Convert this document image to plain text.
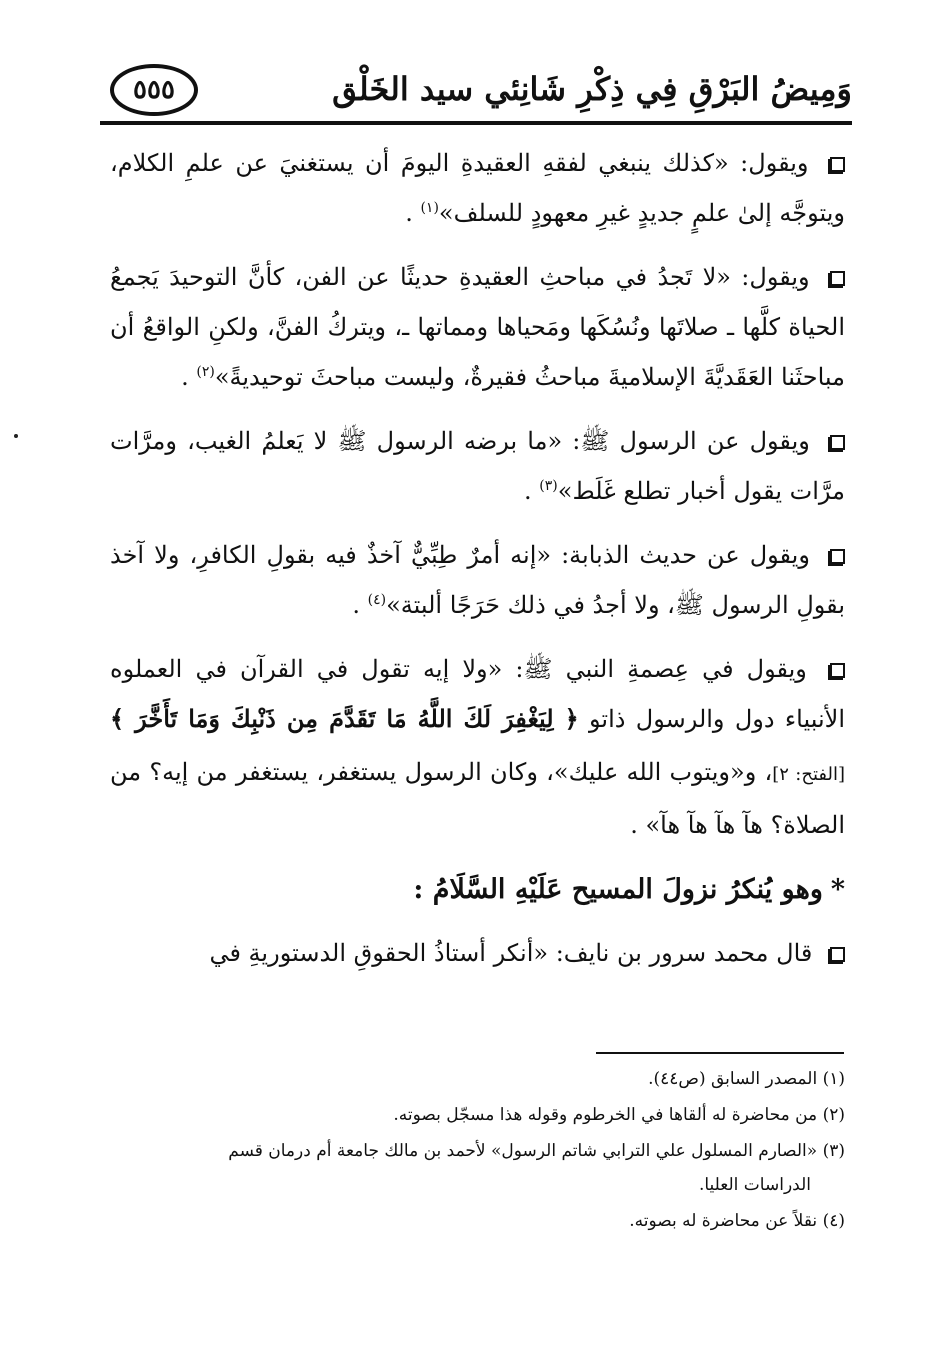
٥٥٥	وَمِيضُ البَرْقِ فِي ذِكْرِ شَانِئي سيد الخَلْق

ويقول: «كذلك ينبغي لفقهِ العقيدةِ اليومَ أن يستغنيَ عن علمِ الكلام، ويتوجَّه إلىٰ علمٍ جديدٍ غيرِ معهودٍ للسلف»$^{(١)}$ .

ويقول: «لا تَجدُ في مباحثِ العقيدةِ حديثًا عن الفن، كأنَّ التوحيدَ يَجمعُ الحياة كلَّها ـ صلاتَها ونُسُكَها ومَحياها ومماتها ـ، ويتركُ الفنَّ، ولكنِ الواقعُ أن مباحثَنا العَقَديَّةَ الإسلاميةَ مباحثُ فقيرةٌ، وليست مباحثَ توحيديةً»$^{(٢)}$ .

ويقول عن الرسول ﷺ: «ما برضه الرسول ﷺ لا يَعلمُ الغيب، ومرَّات مرَّات يقول أخبار تطلع غَلَط»$^{(٣)}$ .

ويقول عن حديث الذبابة: «إنه أمرٌ طِبِّيٌّ آخذٌ فيه بقولِ الكافرِ، ولا آخذ بقولِ الرسول ﷺ، ولا أجدُ في ذلك حَرَجًا ألبتة»$^{(٤)}$ .

ويقول في عِصمةِ النبي ﷺ: «ولا إيه تقول في القرآن في العملوه الأنبياء دول والرسول ذاتو ﴿ لِيَغْفِرَ لَكَ اللَّهُ مَا تَقَدَّمَ مِن ذَنْبِكَ وَمَا تَأَخَّرَ ﴾ [الفتح: ٢]، و«ويتوب الله عليك»، وكان الرسول يستغفر، يستغفر من إيه؟ من الصلاة؟ هآ هآ هآ هآ» .

*وهو يُنكرُ نزولَ المسيح عَلَيْهِ السَّلَامُ :

قال محمد سرور بن نايف: «أنكر أستاذُ الحقوقِ الدستوريةِ في

(١) المصدر السابق (ص٤٤).

(٢) من محاضرة له ألقاها في الخرطوم وقوله هذا مسجّل بصوته.

(٣) «الصارم المسلول علي الترابي شاتم الرسول» لأحمد بن مالك جامعة أم درمان قسم
الدراسات العليا.

(٤) نقلاً عن محاضرة له بصوته.
